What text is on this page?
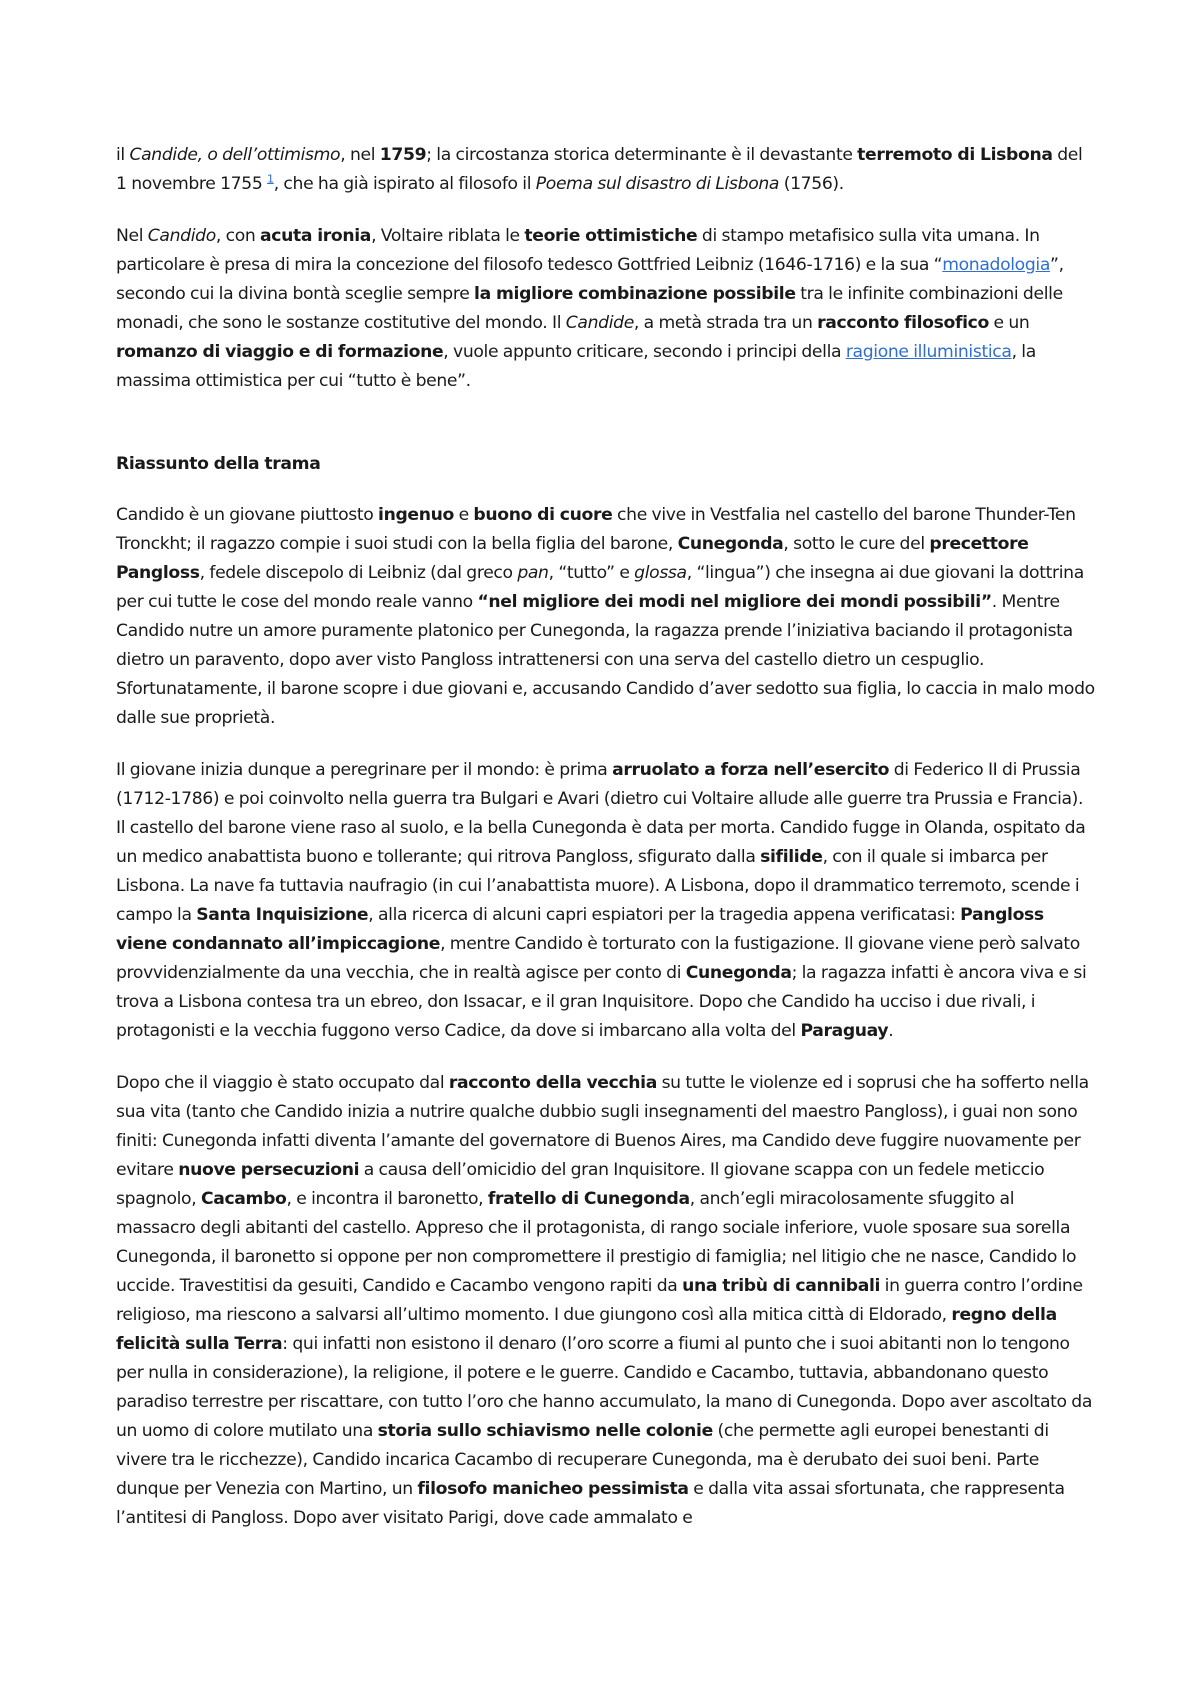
il Candide, o dell’ottimismo, nel 1759; la circostanza storica determinante è il devastante terremoto di Lisbona del 1 novembre 1755 $^1$, che ha già ispirato al filosofo il Poema sul disastro di Lisbona (1756).

Nel Candido, con acuta ironia, Voltaire riblata le teorie ottimistiche di stampo metafisico sulla vita umana. In particolare è presa di mira la concezione del filosofo tedesco Gottfried Leibniz (1646-1716) e la sua “monadologia”, secondo cui la divina bontà sceglie sempre la migliore combinazione possibile tra le infinite combinazioni delle monadi, che sono le sostanze costitutive del mondo. Il Candide, a metà strada tra un racconto filosofico e un romanzo di viaggio e di formazione, vuole appunto criticare, secondo i principi della ragione illuministica, la massima ottimistica per cui “tutto è bene”.

Riassunto della trama

Candido è un giovane piuttosto ingenuo e buono di cuore che vive in Vestfalia nel castello del barone Thunder-Ten Tronckht; il ragazzo compie i suoi studi con la bella figlia del barone, Cunegonda, sotto le cure del precettore Pangloss, fedele discepolo di Leibniz (dal greco pan, “tutto” e glossa, “lingua”) che insegna ai due giovani la dottrina per cui tutte le cose del mondo reale vanno “nel migliore dei modi nel migliore dei mondi possibili”. Mentre Candido nutre un amore puramente platonico per Cunegonda, la ragazza prende l’iniziativa baciando il protagonista dietro un paravento, dopo aver visto Pangloss intrattenersi con una serva del castello dietro un cespuglio. Sfortunatamente, il barone scopre i due giovani e, accusando Candido d’aver sedotto sua figlia, lo caccia in malo modo dalle sue proprietà.

Il giovane inizia dunque a peregrinare per il mondo: è prima arruolato a forza nell’esercito di Federico II di Prussia (1712-1786) e poi coinvolto nella guerra tra Bulgari e Avari (dietro cui Voltaire allude alle guerre tra Prussia e Francia). Il castello del barone viene raso al suolo, e la bella Cunegonda è data per morta. Candido fugge in Olanda, ospitato da un medico anabattista buono e tollerante; qui ritrova Pangloss, sfigurato dalla sifilide, con il quale si imbarca per Lisbona. La nave fa tuttavia naufragio (in cui l’anabattista muore). A Lisbona, dopo il drammatico terremoto, scende i campo la Santa Inquisizione, alla ricerca di alcuni capri espiatori per la tragedia appena verificatasi: Pangloss viene condannato all’impiccagione, mentre Candido è torturato con la fustigazione. Il giovane viene però salvato provvidenzialmente da una vecchia, che in realtà agisce per conto di Cunegonda; la ragazza infatti è ancora viva e si trova a Lisbona contesa tra un ebreo, don Issacar, e il gran Inquisitore. Dopo che Candido ha ucciso i due rivali, i protagonisti e la vecchia fuggono verso Cadice, da dove si imbarcano alla volta del Paraguay.

Dopo che il viaggio è stato occupato dal racconto della vecchia su tutte le violenze ed i soprusi che ha sofferto nella sua vita (tanto che Candido inizia a nutrire qualche dubbio sugli insegnamenti del maestro Pangloss), i guai non sono finiti: Cunegonda infatti diventa l’amante del governatore di Buenos Aires, ma Candido deve fuggire nuovamente per evitare nuove persecuzioni a causa dell’omicidio del gran Inquisitore. Il giovane scappa con un fedele meticcio spagnolo, Cacambo, e incontra il baronetto, fratello di Cunegonda, anch’egli miracolosamente sfuggito al massacro degli abitanti del castello. Appreso che il protagonista, di rango sociale inferiore, vuole sposare sua sorella Cunegonda, il baronetto si oppone per non compromettere il prestigio di famiglia; nel litigio che ne nasce, Candido lo uccide. Travestitisi da gesuiti, Candido e Cacambo vengono rapiti da una tribù di cannibali in guerra contro l’ordine religioso, ma riescono a salvarsi all’ultimo momento. I due giungono così alla mitica città di Eldorado, regno della felicità sulla Terra: qui infatti non esistono il denaro (l’oro scorre a fiumi al punto che i suoi abitanti non lo tengono per nulla in considerazione), la religione, il potere e le guerre. Candido e Cacambo, tuttavia, abbandonano questo paradiso terrestre per riscattare, con tutto l’oro che hanno accumulato, la mano di Cunegonda. Dopo aver ascoltato da un uomo di colore mutilato una storia sullo schiavismo nelle colonie (che permette agli europei benestanti di vivere tra le ricchezze), Candido incarica Cacambo di recuperare Cunegonda, ma è derubato dei suoi beni. Parte dunque per Venezia con Martino, un filosofo manicheo pessimista e dalla vita assai sfortunata, che rappresenta l’antitesi di Pangloss. Dopo aver visitato Parigi, dove cade ammalato e
